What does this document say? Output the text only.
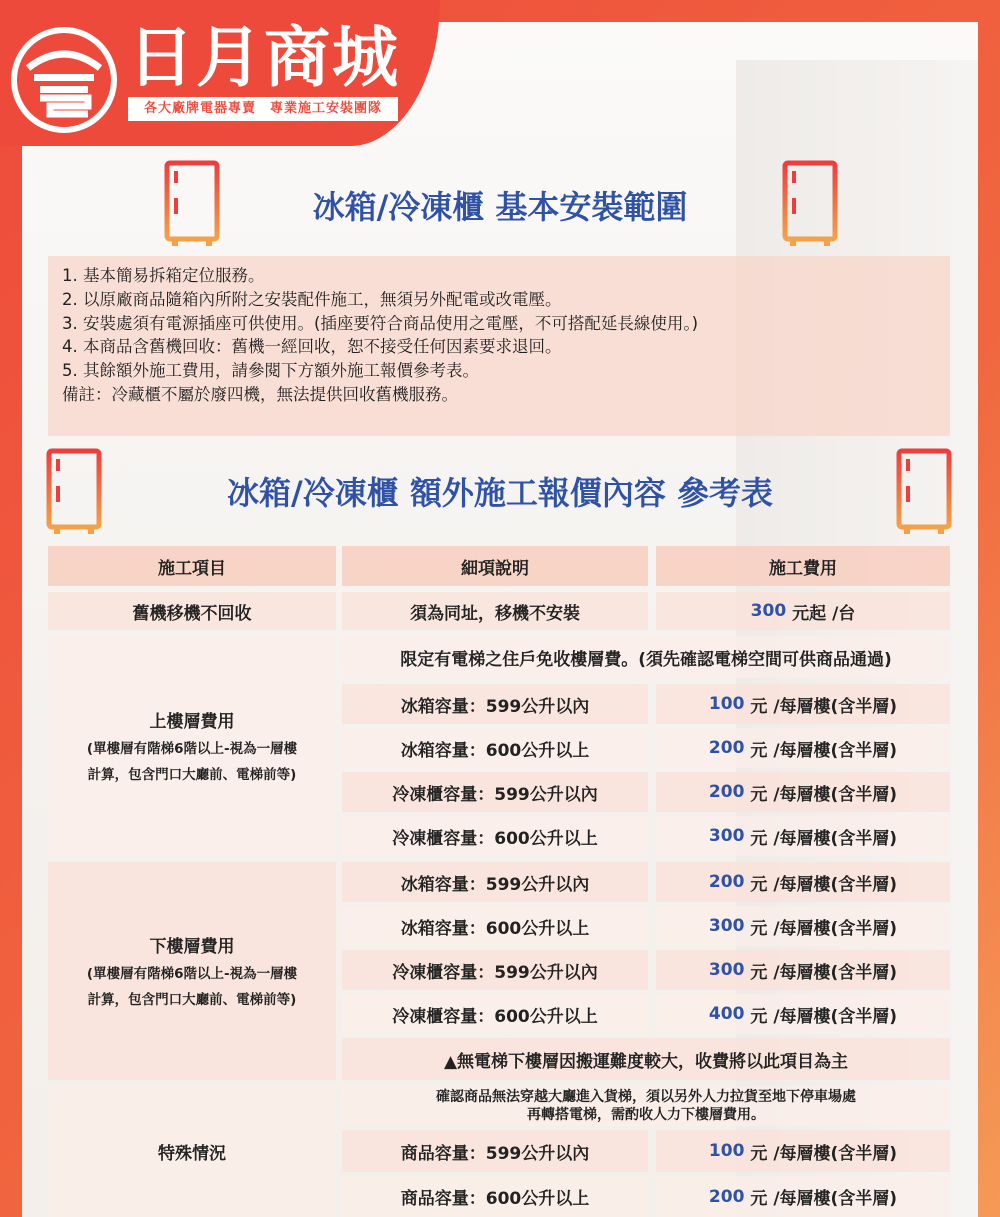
日月商城
各大廠牌電器專賣　專業施工安裝團隊
冰箱/冷凍櫃 基本安裝範圍

1. 基本簡易拆箱定位服務。

2. 以原廠商品隨箱內所附之安裝配件施工，無須另外配電或改電壓。

3. 安裝處須有電源插座可供使用。(插座要符合商品使用之電壓，不可搭配延長線使用。)

4. 本商品含舊機回收：舊機一經回收，恕不接受任何因素要求退回。

5. 其餘額外施工費用，請參閱下方額外施工報價參考表。

備註：冷藏櫃不屬於廢四機，無法提供回收舊機服務。

冰箱/冷凍櫃 額外施工報價內容 參考表
施工項目	細項說明	施工費用
舊機移機不回收	須為同址，移機不安裝	300 元起 /台
上樓層費用
(單樓層有階梯6階以上-視為一層樓
計算，包含門口大廳前、電梯前等)
限定有電梯之住戶免收樓層費。(須先確認電梯空間可供商品通過)
冰箱容量：599公升以內	100 元 /每層樓(含半層)
冰箱容量：600公升以上	200 元 /每層樓(含半層)
冷凍櫃容量：599公升以內	200 元 /每層樓(含半層)
冷凍櫃容量：600公升以上	300 元 /每層樓(含半層)
下樓層費用
(單樓層有階梯6階以上-視為一層樓
計算，包含門口大廳前、電梯前等)
冰箱容量：599公升以內	200 元 /每層樓(含半層)
冰箱容量：600公升以上	300 元 /每層樓(含半層)
冷凍櫃容量：599公升以內	300 元 /每層樓(含半層)
冷凍櫃容量：600公升以上	400 元 /每層樓(含半層)
▲無電梯下樓層因搬運難度較大，收費將以此項目為主
特殊情況
確認商品無法穿越大廳進入貨梯，須以另外人力拉貨至地下停車場處
再轉搭電梯，需酌收人力下樓層費用。
商品容量：599公升以內	100 元 /每層樓(含半層)
商品容量：600公升以上	200 元 /每層樓(含半層)
